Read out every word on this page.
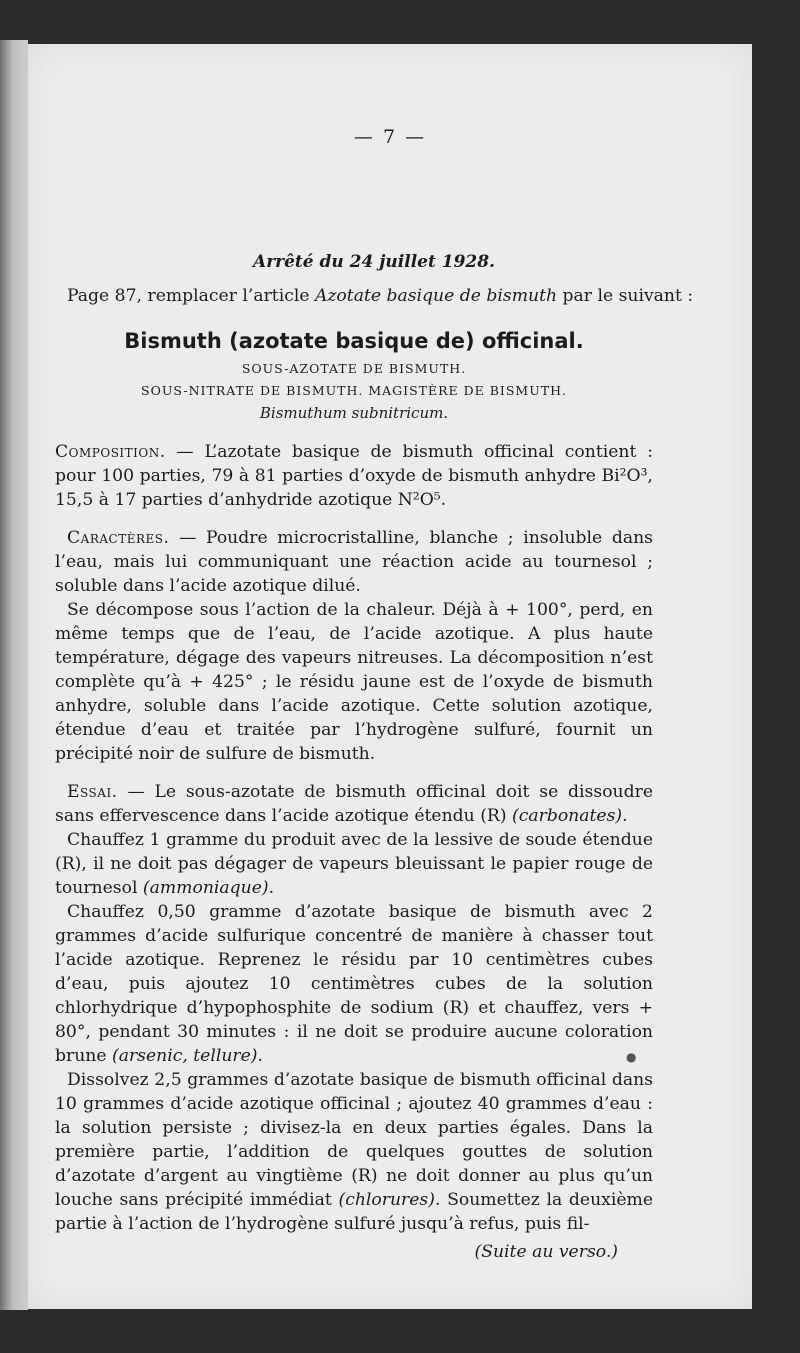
— 7 —

Arrêté du 24 juillet 1928.

Page 87, remplacer l’article Azotate basique de bismuth par le suivant :

Bismuth (azotate basique de) officinal.

SOUS-AZOTATE DE BISMUTH.

SOUS-NITRATE DE BISMUTH. MAGISTÈRE DE BISMUTH.

Bismuthum subnitricum.

Composition. — L’azotate basique de bismuth officinal contient : pour 100 parties, 79 à 81 parties d’oxyde de bismuth anhydre Bi²O³, 15,5 à 17 parties d’anhydride azotique N²O⁵.

Caractères. — Poudre microcristalline, blanche ; insoluble dans l’eau, mais lui communiquant une réaction acide au tournesol ; soluble dans l’acide azotique dilué.

Se décompose sous l’action de la chaleur. Déjà à + 100°, perd, en même temps que de l’eau, de l’acide azotique. A plus haute température, dégage des vapeurs nitreuses. La décomposition n’est complète qu’à + 425° ; le résidu jaune est de l’oxyde de bismuth anhydre, soluble dans l’acide azotique. Cette solution azotique, étendue d’eau et traitée par l’hydrogène sulfuré, fournit un précipité noir de sulfure de bismuth.

Essai. — Le sous-azotate de bismuth officinal doit se dissoudre sans effervescence dans l’acide azotique étendu (R) (carbonates).

Chauffez 1 gramme du produit avec de la lessive de soude étendue (R), il ne doit pas dégager de vapeurs bleuissant le papier rouge de tournesol (ammoniaque).

Chauffez 0,50 gramme d’azotate basique de bismuth avec 2 grammes d’acide sulfurique concentré de manière à chasser tout l’acide azotique. Reprenez le résidu par 10 centimètres cubes d’eau, puis ajoutez 10 centimètres cubes de la solution chlorhydrique d’hypophosphite de sodium (R) et chauffez, vers + 80°, pendant 30 minutes : il ne doit se produire aucune coloration brune (arsenic, tellure).

Dissolvez 2,5 grammes d’azotate basique de bismuth officinal dans 10 grammes d’acide azotique officinal ; ajoutez 40 grammes d’eau : la solution persiste ; divisez-la en deux parties égales. Dans la première partie, l’addition de quelques gouttes de solution d’azotate d’argent au vingtième (R) ne doit donner au plus qu’un louche sans précipité immédiat (chlorures). Soumettez la deuxième partie à l’action de l’hydrogène sulfuré jusqu’à refus, puis fil-

(Suite au verso.)

●
